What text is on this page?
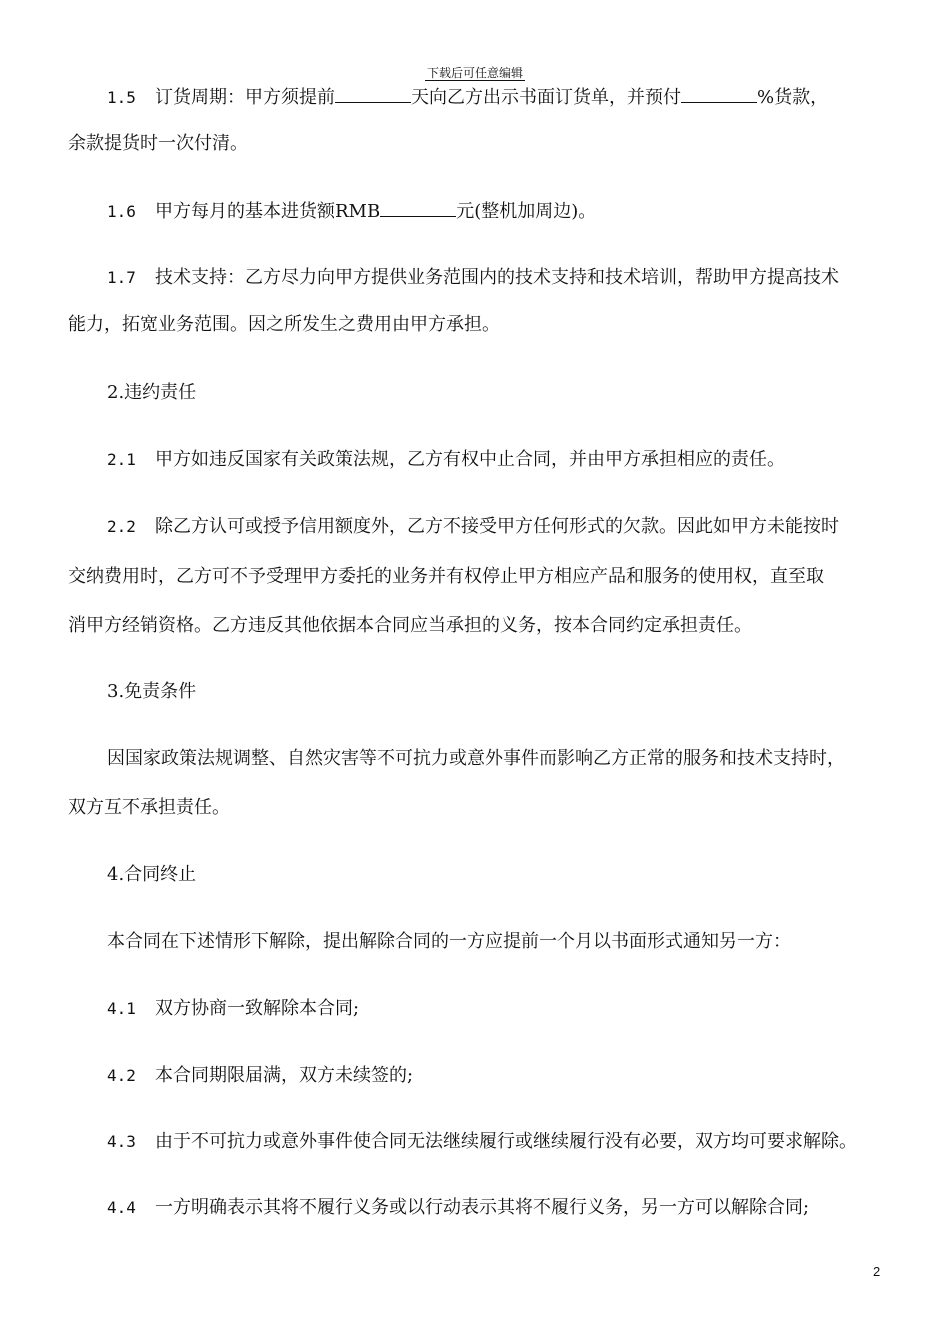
下载后可任意编辑
1.5 订货周期：甲方须提前	天向乙方出示书面订货单，并预付	%货款，
余款提货时一次付清。
1.6 甲方每月的基本进货额RMB	元(整机加周边)。
1.7 技术支持：乙方尽力向甲方提供业务范围内的技术支持和技术培训，帮助甲方提高技术
能力，拓宽业务范围。因之所发生之费用由甲方承担。
2.违约责任
2.1 甲方如违反国家有关政策法规，乙方有权中止合同，并由甲方承担相应的责任。
2.2 除乙方认可或授予信用额度外，乙方不接受甲方任何形式的欠款。因此如甲方未能按时
交纳费用时，乙方可不予受理甲方委托的业务并有权停止甲方相应产品和服务的使用权，直至取
消甲方经销资格。乙方违反其他依据本合同应当承担的义务，按本合同约定承担责任。
3.免责条件
因国家政策法规调整、自然灾害等不可抗力或意外事件而影响乙方正常的服务和技术支持时，
双方互不承担责任。
4.合同终止
本合同在下述情形下解除，提出解除合同的一方应提前一个月以书面形式通知另一方：
4.1 双方协商一致解除本合同;
4.2 本合同期限届满，双方未续签的;
4.3 由于不可抗力或意外事件使合同无法继续履行或继续履行没有必要，双方均可要求解除。
4.4 一方明确表示其将不履行义务或以行动表示其将不履行义务，另一方可以解除合同;
2
